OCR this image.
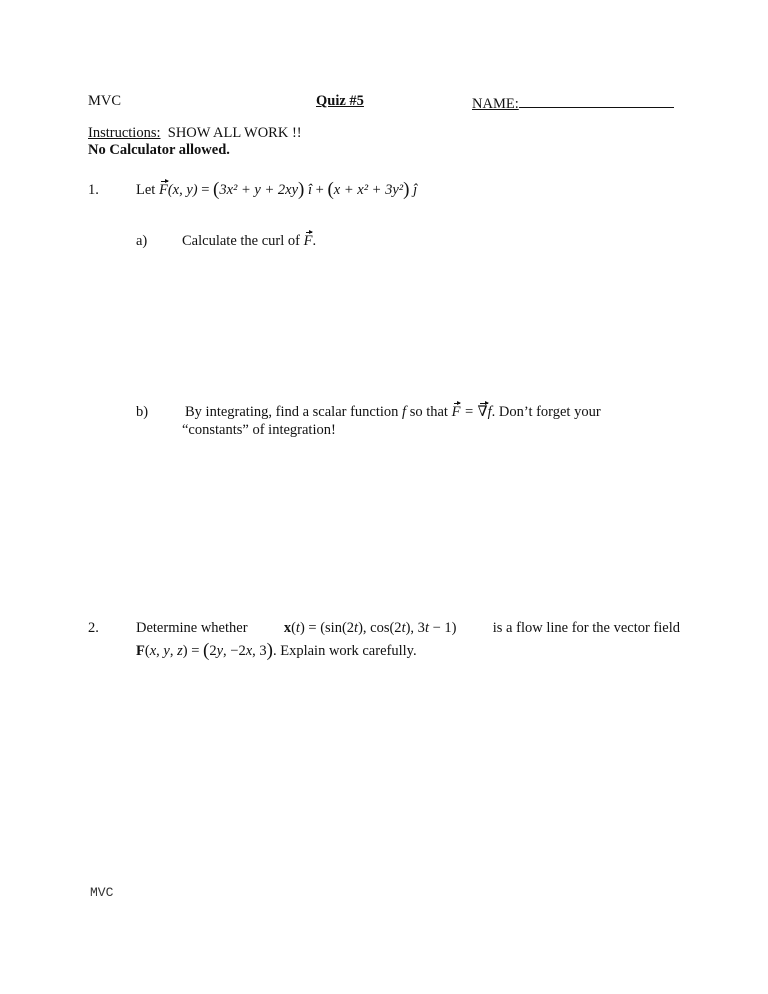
MVC	Quiz #5	NAME:
Instructions: SHOW ALL WORK !!
No Calculator allowed.
1.	Let F(x, y) = (3x² + y + 2xy) î + (x + x² + 3y²) ĵ
a) Calculate the curl of F.
b)	By integrating, find a scalar function f so that F = ∇f. Don’t forget your
“constants” of integration!
2.	Determine whether	x(t) = (sin(2t), cos(2t), 3t − 1)	is a flow line for the vector field
F(x, y, z) = (2y, −2x, 3). Explain work carefully.
MVC
